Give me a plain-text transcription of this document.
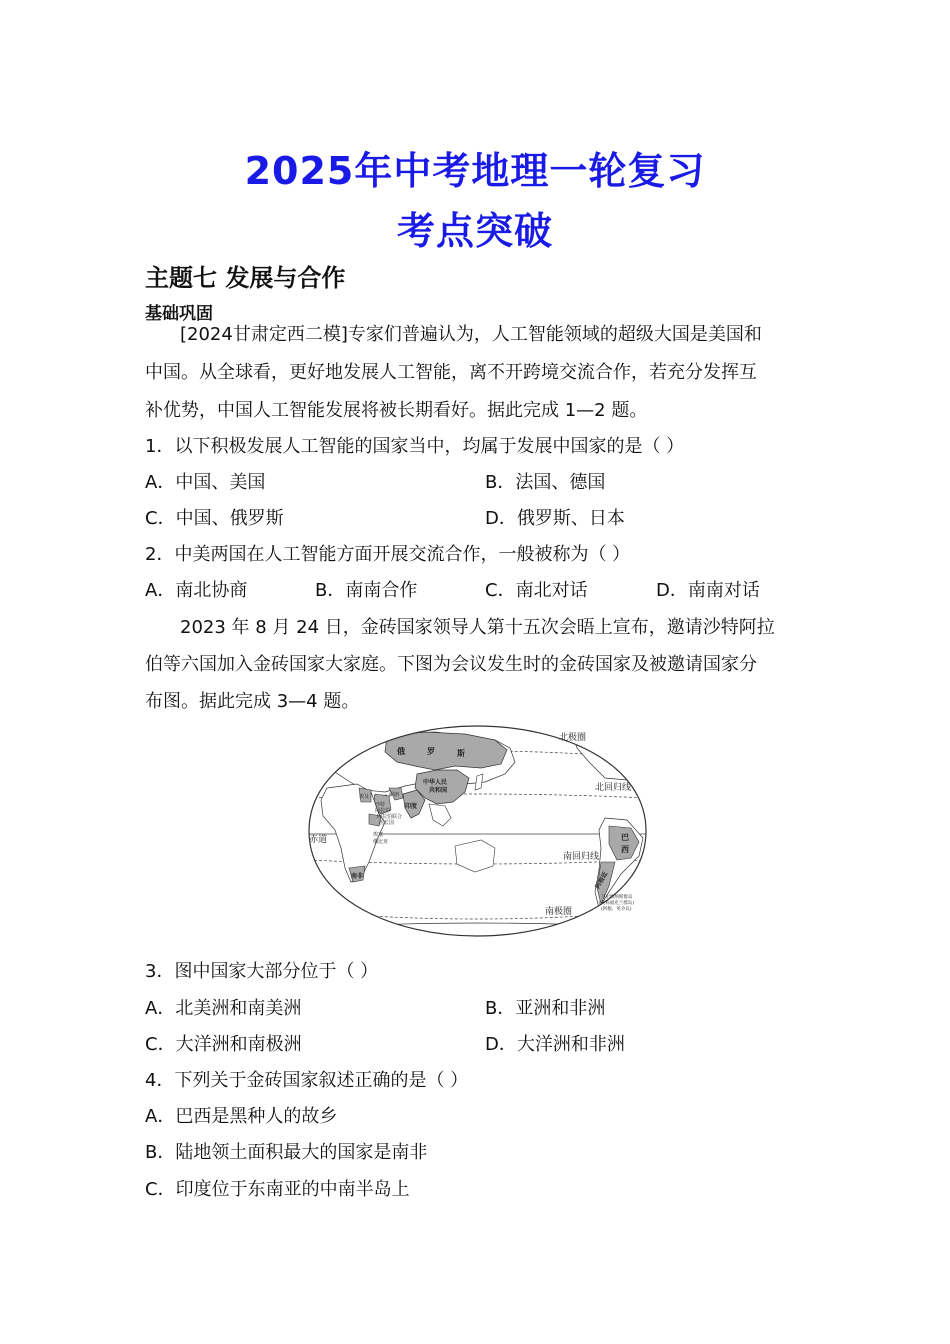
2025年中考地理一轮复习
考点突破
主题七 发展与合作
基础巩固
[2024甘肃定西二模]专家们普遍认为，人工智能领域的超级大国是美国和
中国。从全球看，更好地发展人工智能，离不开跨境交流合作，若充分发挥互
补优势，中国人工智能发展将被长期看好。据此完成 1—2 题。
1．以下积极发展人工智能的国家当中，均属于发展中国家的是（ ）
A．中国、美国	B．法国、德国
C．中国、俄罗斯	D．俄罗斯、日本
2．中美两国在人工智能方面开展交流合作，一般被称为（ ）
A．南北协商	B．南南合作	C．南北对话	D．南南对话
2023 年 8 月 24 日，金砖国家领导人第十五次会晤上宣布，邀请沙特阿拉
伯等六国加入金砖国家大家庭。下图为会议发生时的金砖国家及被邀请国家分
布图。据此完成 3—4 题。
北极圈
北回归线
赤道
南回归线
南极圈
俄	罗	斯
中华人民
共和国
印度
伊朗
埃及
沙特
阿拉伯
阿拉伯联合
酋长国
埃塞
俄比亚
南非
巴
西
阿根廷
马尔维纳斯群岛
(英称福克兰群岛)
(阿根、英争议)
3．图中国家大部分位于（ ）
A．北美洲和南美洲	B．亚洲和非洲
C．大洋洲和南极洲	D．大洋洲和非洲
4．下列关于金砖国家叙述正确的是（ ）
A．巴西是黑种人的故乡
B．陆地领土面积最大的国家是南非
C．印度位于东南亚的中南半岛上
